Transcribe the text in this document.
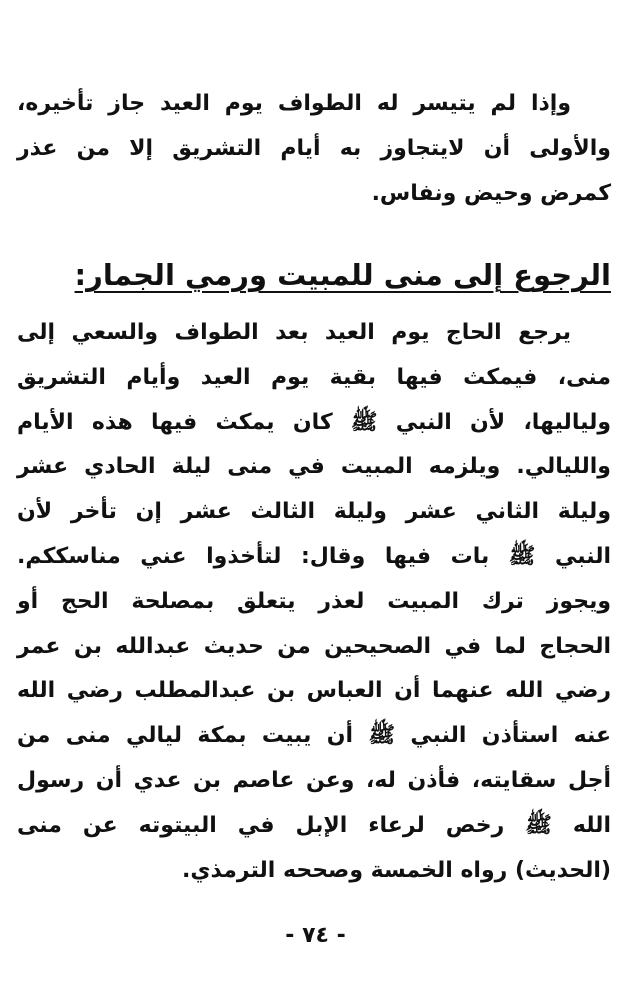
وإذا لم يتيسر له الطواف يوم العيد جاز تأخيره،
والأولى أن لايتجاوز به أيام التشريق إلا من عذر
كمرض وحيض ونفاس.
الرجوع إلى منى للمبيت ورمي الجمار:
يرجع الحاج يوم العيد بعد الطواف والسعي إلى
منى، فيمكث فيها بقية يوم العيد وأيام التشريق
ولياليها، لأن النبي ﷺ كان يمكث فيها هذه الأيام
والليالي. ويلزمه المبيت في منى ليلة الحادي عشر
وليلة الثاني عشر وليلة الثالث عشر إن تأخر لأن
النبي ﷺ بات فيها وقال: لتأخذوا عني مناسككم.
ويجوز ترك المبيت لعذر يتعلق بمصلحة الحج أو
الحجاج لما في الصحيحين من حديث عبدالله بن عمر
رضي الله عنهما أن العباس بن عبدالمطلب رضي الله
عنه استأذن النبي ﷺ أن يبيت بمكة ليالي منى من
أجل سقايته، فأذن له، وعن عاصم بن عدي أن رسول
الله ﷺ رخص لرعاء الإبل في البيتوته عن منى
(الحديث) رواه الخمسة وصححه الترمذي.
- ٧٤ -
